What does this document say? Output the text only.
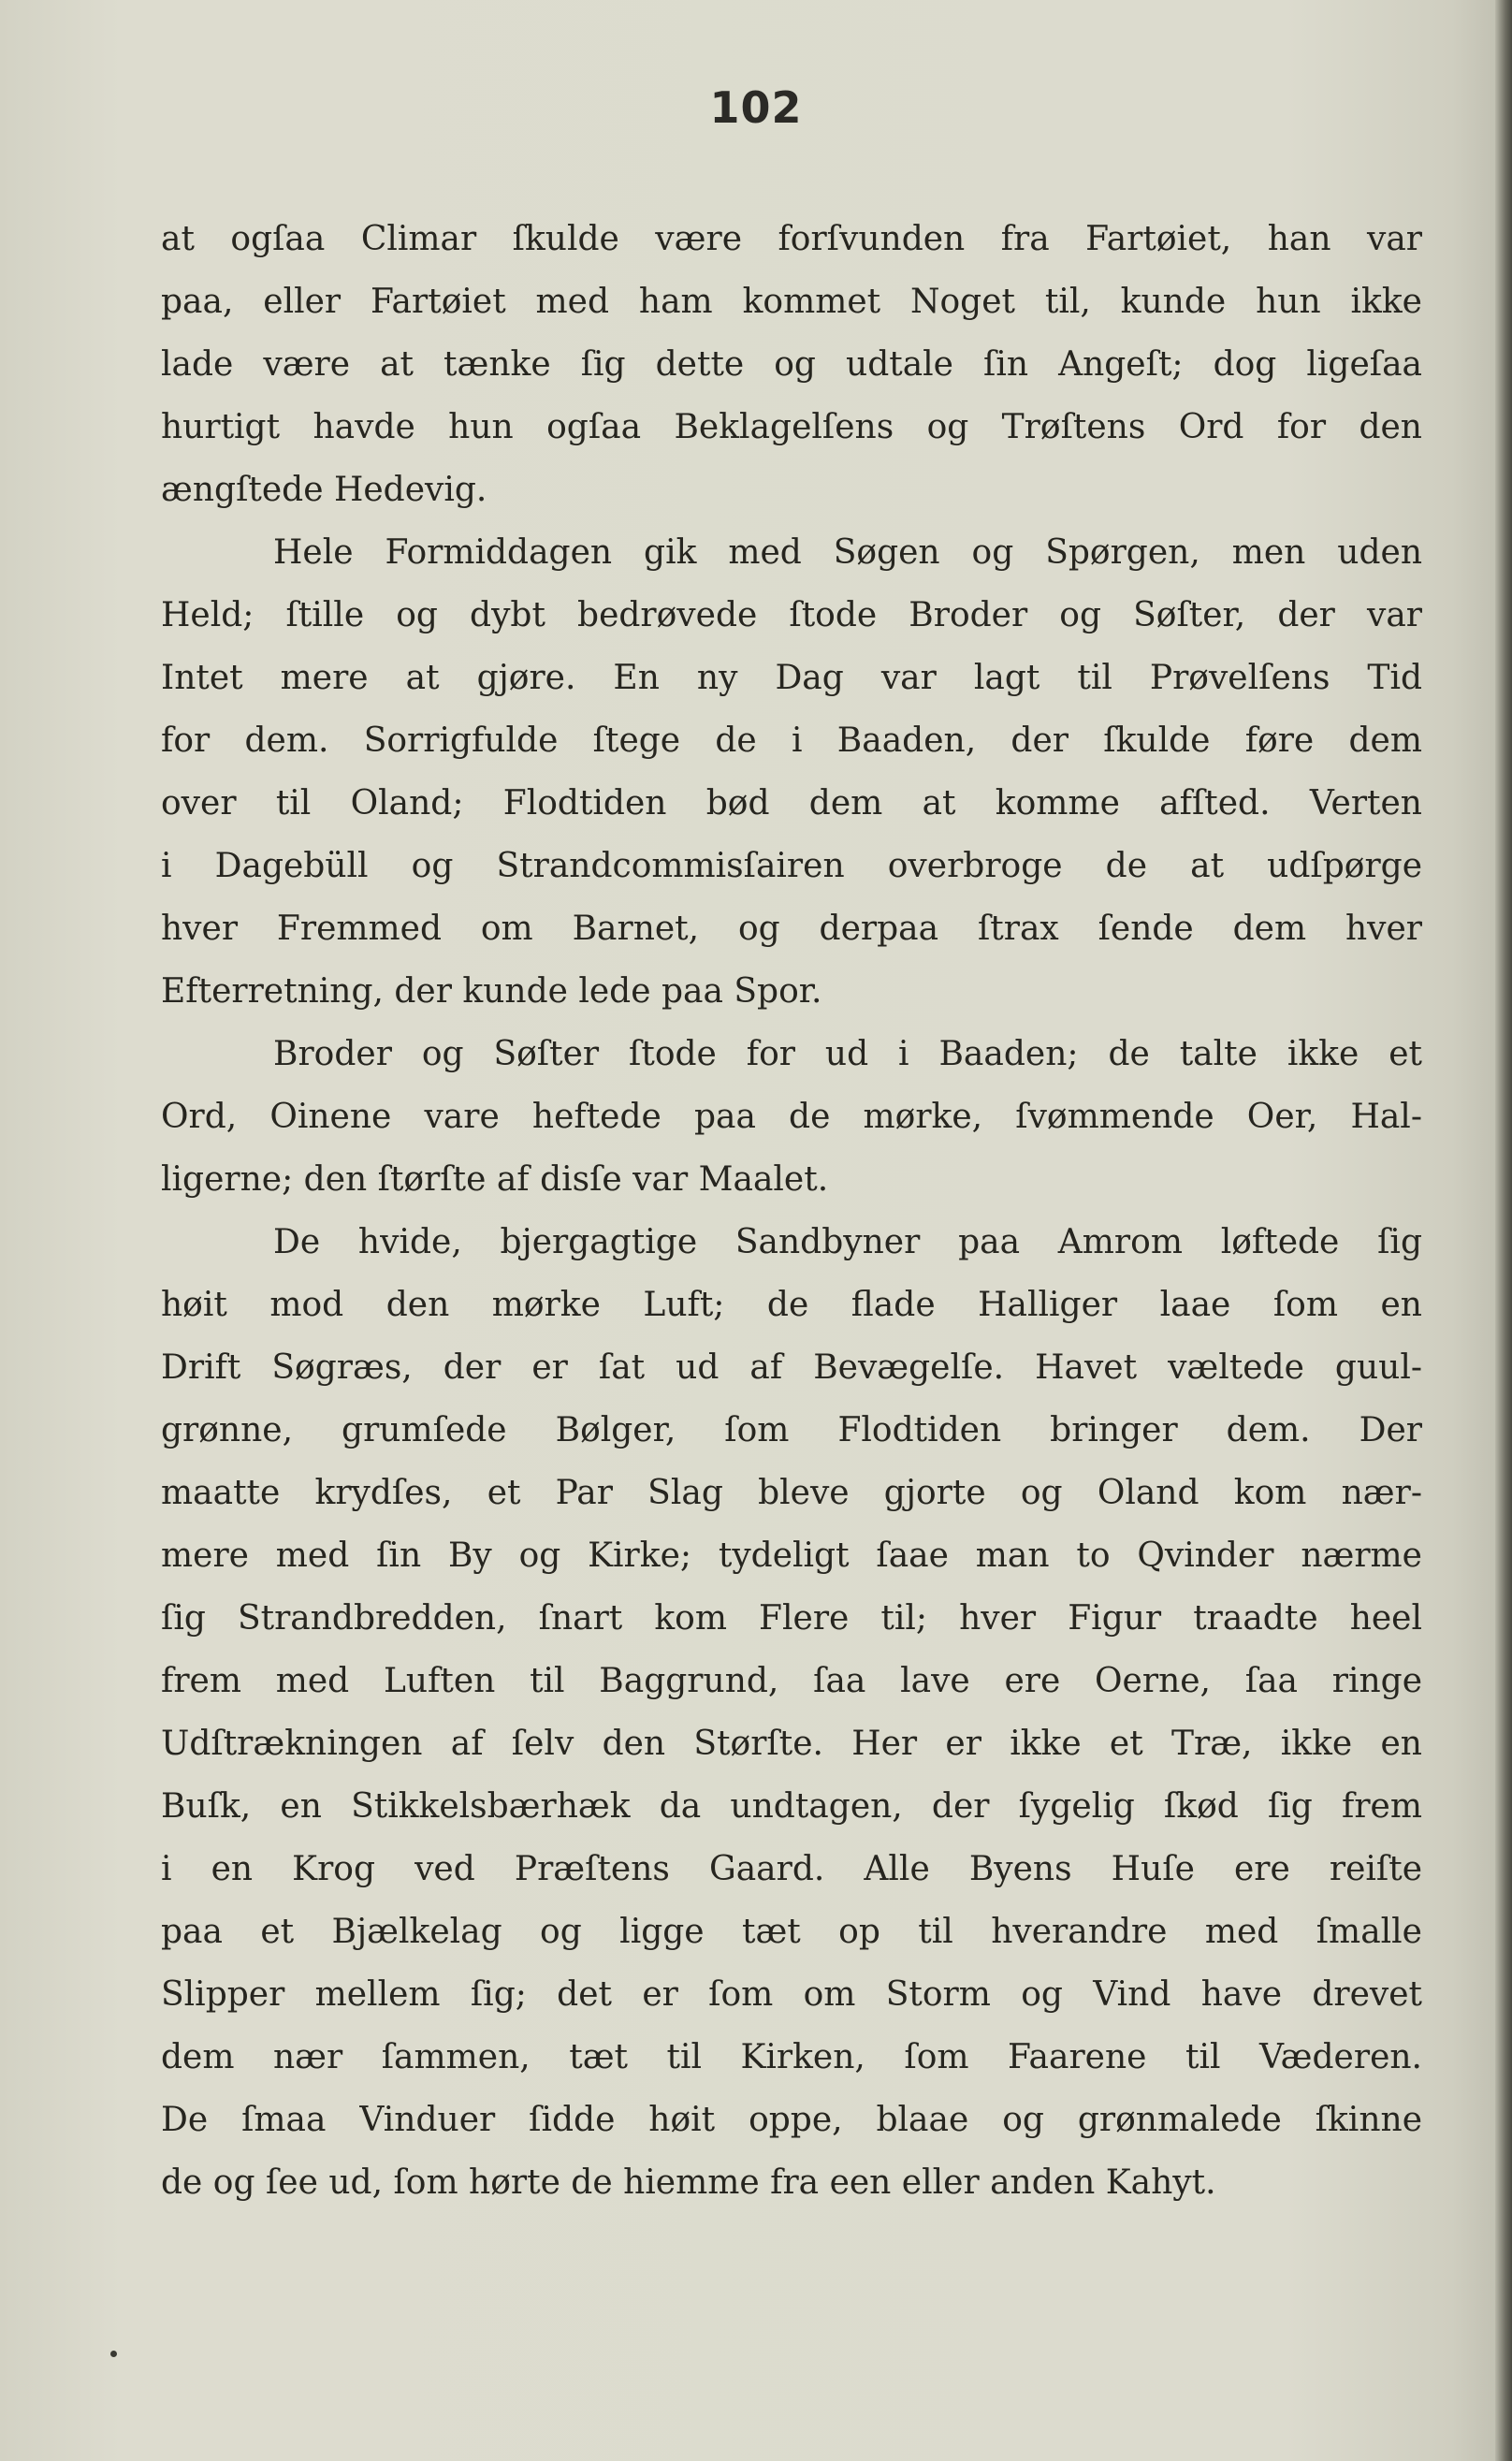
102
at ogſaa Climar ſkulde være forſvunden fra Fartøiet, han var
paa, eller Fartøiet med ham kommet Noget til, kunde hun ikke
lade være at tænke ſig dette og udtale ſin Angeſt; dog ligeſaa
hurtigt havde hun ogſaa Beklagelſens og Trøſtens Ord for den
ængſtede Hedevig.
Hele Formiddagen gik med Søgen og Spørgen, men uden
Held; ſtille og dybt bedrøvede ſtode Broder og Søſter, der var
Intet mere at gjøre. En ny Dag var lagt til Prøvelſens Tid
for dem. Sorrigfulde ſtege de i Baaden, der ſkulde føre dem
over til Oland; Flodtiden bød dem at komme afſted. Verten
i Dagebüll og Strandcommisſairen overbroge de at udſpørge
hver Fremmed om Barnet, og derpaa ſtrax ſende dem hver
Efterretning, der kunde lede paa Spor.
Broder og Søſter ſtode for ud i Baaden; de talte ikke et
Ord, Oinene vare heftede paa de mørke, ſvømmende Oer, Hal-
ligerne; den ſtørſte af disſe var Maalet.
De hvide, bjergagtige Sandbyner paa Amrom løftede ſig
høit mod den mørke Luft; de flade Halliger laae ſom en
Drift Søgræs, der er ſat ud af Bevægelſe. Havet væltede guul-
grønne, grumſede Bølger, ſom Flodtiden bringer dem. Der
maatte krydſes, et Par Slag bleve gjorte og Oland kom nær-
mere med ſin By og Kirke; tydeligt ſaae man to Qvinder nærme
ſig Strandbredden, ſnart kom Flere til; hver Figur traadte heel
frem med Luften til Baggrund, ſaa lave ere Oerne, ſaa ringe
Udſtrækningen af ſelv den Størſte. Her er ikke et Træ, ikke en
Buſk, en Stikkelsbærhæk da undtagen, der ſygelig ſkød ſig frem
i en Krog ved Præſtens Gaard. Alle Byens Huſe ere reiſte
paa et Bjælkelag og ligge tæt op til hverandre med ſmalle
Slipper mellem ſig; det er ſom om Storm og Vind have drevet
dem nær ſammen, tæt til Kirken, ſom Faarene til Væderen.
De ſmaa Vinduer ſidde høit oppe, blaae og grønmalede ſkinne
de og ſee ud, ſom hørte de hiemme fra een eller anden Kahyt.
